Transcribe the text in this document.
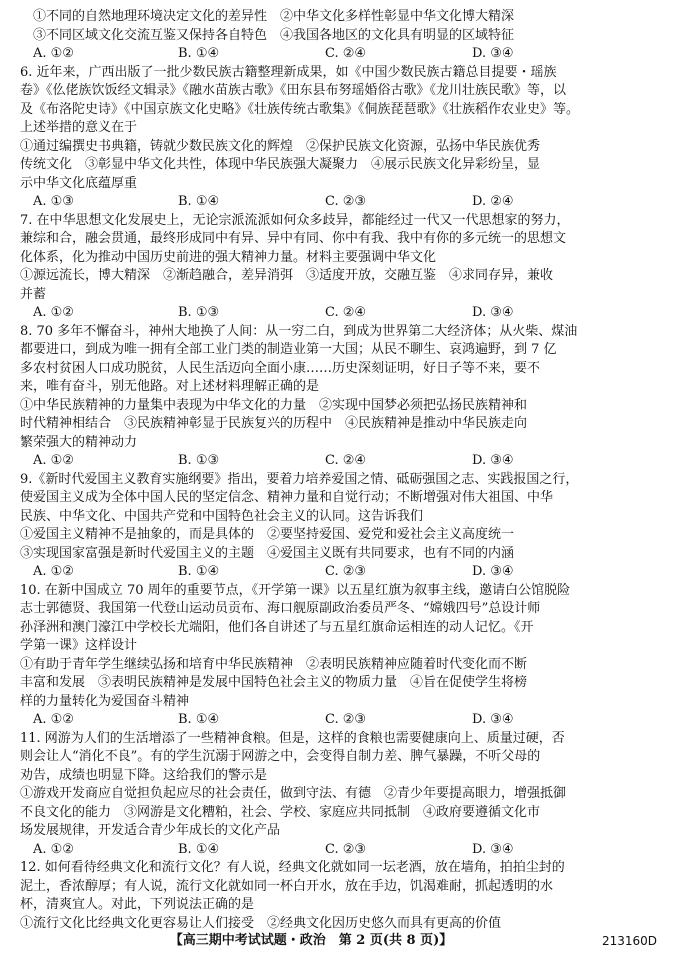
①不同的自然地理环境决定文化的差异性　②中华文化多样性彰显中华文化博大精深
③不同区域文化交流互鉴又保持各自特色　④我国各地区的文化具有明显的区域特征
A. ①②	B. ①④	C. ②④	D. ③④
6. 近年来，广西出版了一批少数民族古籍整理新成果，如《中国少数民族古籍总目提要・瑶族
卷》《仫佬族饮饭经文辑录》《融水苗族古歌》《田东县布努瑶婚俗古歌》《龙川壮族民歌》等，以
及《布洛陀史诗》《中国京族文化史略》《壮族传统古歌集》《侗族琵琶歌》《壮族稻作农业史》等。
上述举措的意义在于
①通过编撰史书典籍，铸就少数民族文化的辉煌　②保护民族文化资源，弘扬中华民族优秀
传统文化　③彰显中华文化共性，体现中华民族强大凝聚力　④展示民族文化异彩纷呈，显
示中华文化底蕴厚重
A. ①③	B. ①④	C. ②③	D. ②④
7. 在中华思想文化发展史上，无论宗派流派如何众多歧异，都能经过一代又一代思想家的努力，
兼综和合，融会贯通，最终形成同中有异、异中有同、你中有我、我中有你的多元统一的思想文
化体系，化为推动中国历史前进的强大精神力量。材料主要强调中华文化
①源远流长，博大精深　②渐趋融合，差异消弭　③适度开放，交融互鉴　④求同存异，兼收
并蓄
A. ①②	B. ①③	C. ②④	D. ③④
8. 70 多年不懈奋斗，神州大地换了人间：从一穷二白，到成为世界第二大经济体；从火柴、煤油
都要进口，到成为唯一拥有全部工业门类的制造业第一大国；从民不聊生、哀鸿遍野，到 7 亿
多农村贫困人口成功脱贫，人民生活迈向全面小康……历史深刻证明，好日子等不来，要不
来，唯有奋斗，别无他路。对上述材料理解正确的是
①中华民族精神的力量集中表现为中华文化的力量　②实现中国梦必须把弘扬民族精神和
时代精神相结合　③民族精神彰显于民族复兴的历程中　④民族精神是推动中华民族走向
繁荣强大的精神动力
A. ①②	B. ①③	C. ②④	D. ③④
9.《新时代爱国主义教育实施纲要》指出，要着力培养爱国之情、砥砺强国之志、实践报国之行，
使爱国主义成为全体中国人民的坚定信念、精神力量和自觉行动；不断增强对伟大祖国、中华
民族、中华文化、中国共产党和中国特色社会主义的认同。这告诉我们
①爱国主义精神不是抽象的，而是具体的　②要坚持爱国、爱党和爱社会主义高度统一
③实现国家富强是新时代爱国主义的主题　④爱国主义既有共同要求，也有不同的内涵
A. ①②	B. ①④	C. ②③	D. ③④
10. 在新中国成立 70 周年的重要节点，《开学第一课》以五星红旗为叙事主线，邀请白公馆脱险
志士郭德贤、我国第一代登山运动员贡布、海口舰原副政治委员严冬、“嫦娥四号”总设计师
孙泽洲和澳门濠江中学校长尤端阳，他们各自讲述了与五星红旗命运相连的动人记忆。《开
学第一课》这样设计
①有助于青年学生继续弘扬和培育中华民族精神　②表明民族精神应随着时代变化而不断
丰富和发展　③表明民族精神是发展中国特色社会主义的物质力量　④旨在促使学生将榜
样的力量转化为爱国奋斗精神
A. ①②	B. ①④	C. ②③	D. ③④
11. 网游为人们的生活增添了一些精神食粮。但是，这样的食粮也需要健康向上、质量过硬，否
则会让人“消化不良”。有的学生沉溺于网游之中，会变得自制力差、脾气暴躁，不听父母的
劝告，成绩也明显下降。这给我们的警示是
①游戏开发商应自觉担负起应尽的社会责任，做到守法、有德　②青少年要提高眼力，增强抵御
不良文化的能力　③网游是文化糟粕，社会、学校、家庭应共同抵制　④政府要遵循文化市
场发展规律，开发适合青少年成长的文化产品
A. ①②	B. ①④	C. ②③	D. ③④
12. 如何看待经典文化和流行文化？有人说，经典文化就如同一坛老酒，放在墙角，拍拍尘封的
泥土，香浓醇厚；有人说，流行文化就如同一杯白开水，放在手边，饥渴难耐，抓起透明的水
杯，清爽宜人。对此，下列说法正确的是
①流行文化比经典文化更容易让人们接受　②经典文化因历史悠久而具有更高的价值
【高三期中考试试题・政治　第 2 页(共 8 页)】	213160D
